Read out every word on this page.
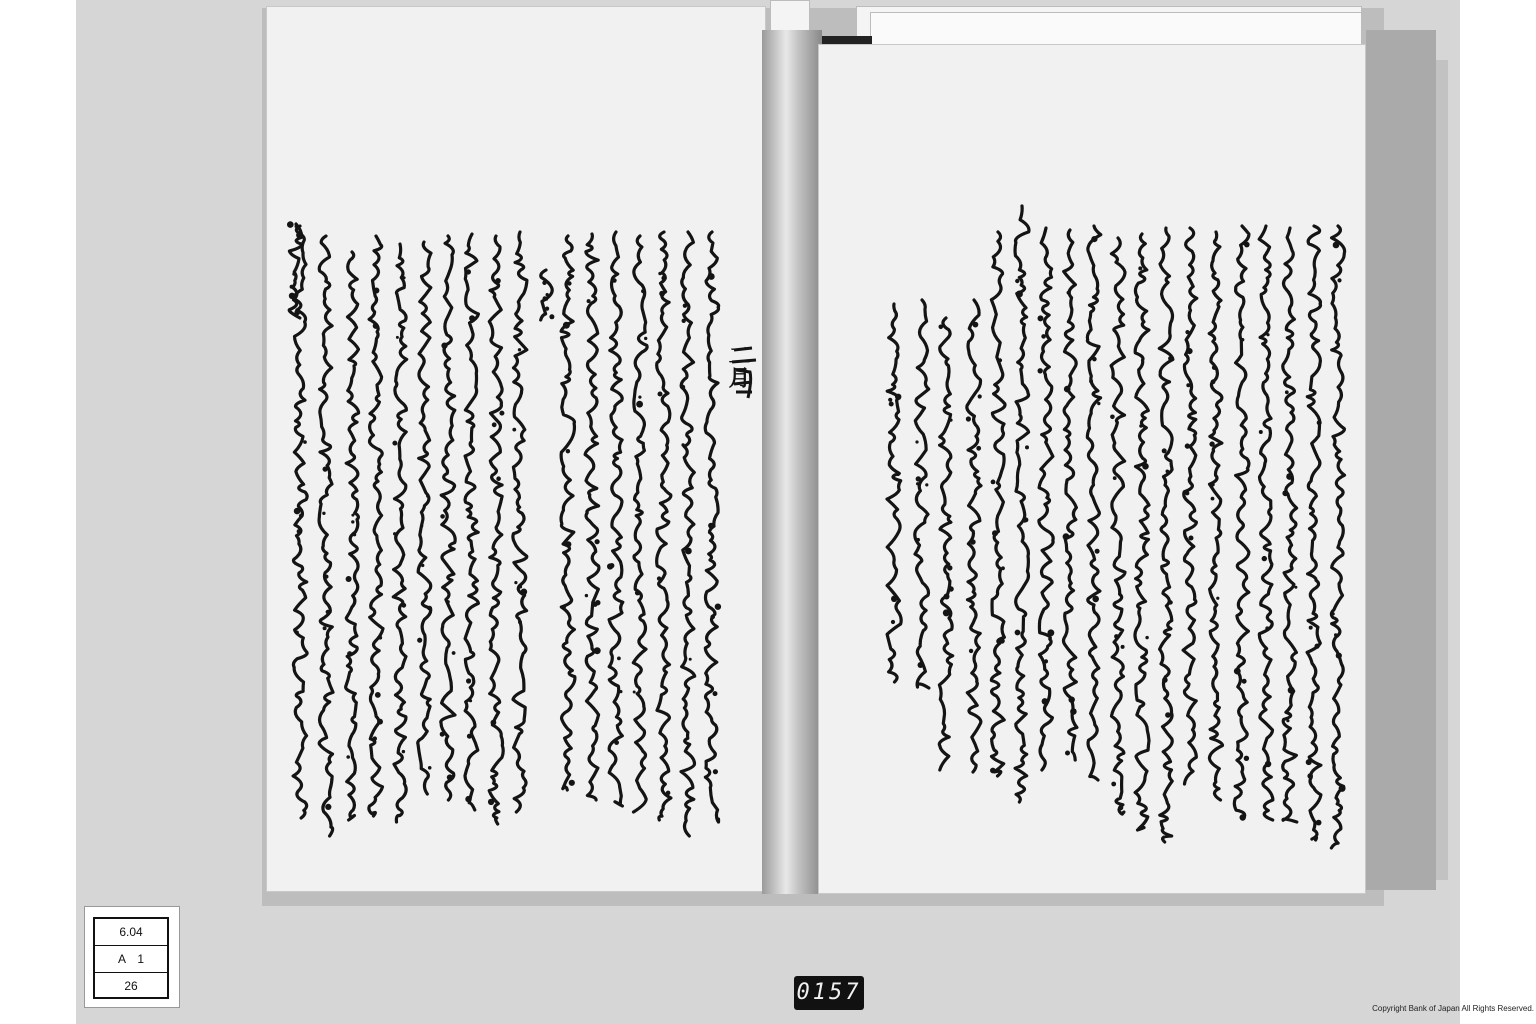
二月
6.04
A　1
26	0157
Copyright Bank of Japan All Rights Reserved.
